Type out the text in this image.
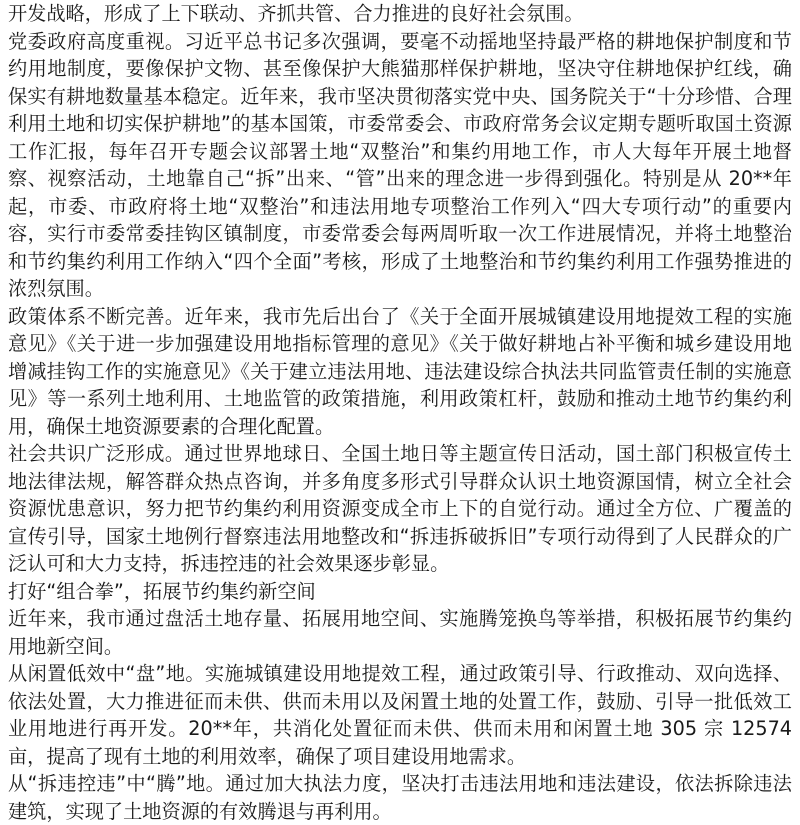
开发战略，形成了上下联动、齐抓共管、合力推进的良好社会氛围。

党委政府高度重视。习近平总书记多次强调，要毫不动摇地坚持最严格的耕地保护制度和节约用地制度，要像保护文物、甚至像保护大熊猫那样保护耕地，坚决守住耕地保护红线，确保实有耕地数量基本稳定。近年来，我市坚决贯彻落实党中央、国务院关于“十分珍惜、合理利用土地和切实保护耕地”的基本国策，市委常委会、市政府常务会议定期专题听取国土资源工作汇报，每年召开专题会议部署土地“双整治”和集约用地工作，市人大每年开展土地督察、视察活动，土地靠自己“拆”出来、“管”出来的理念进一步得到强化。特别是从 20**年起，市委、市政府将土地“双整治”和违法用地专项整治工作列入“四大专项行动”的重要内容，实行市委常委挂钩区镇制度，市委常委会每两周听取一次工作进展情况，并将土地整治和节约集约利用工作纳入“四个全面”考核，形成了土地整治和节约集约利用工作强势推进的浓烈氛围。

政策体系不断完善。近年来，我市先后出台了《关于全面开展城镇建设用地提效工程的实施意见》《关于进一步加强建设用地指标管理的意见》《关于做好耕地占补平衡和城乡建设用地增减挂钩工作的实施意见》《关于建立违法用地、违法建设综合执法共同监管责任制的实施意见》等一系列土地利用、土地监管的政策措施，利用政策杠杆，鼓励和推动土地节约集约利用，确保土地资源要素的合理化配置。

社会共识广泛形成。通过世界地球日、全国土地日等主题宣传日活动，国土部门积极宣传土地法律法规，解答群众热点咨询，并多角度多形式引导群众认识土地资源国情，树立全社会资源忧患意识，努力把节约集约利用资源变成全市上下的自觉行动。通过全方位、广覆盖的宣传引导，国家土地例行督察违法用地整改和“拆违拆破拆旧”专项行动得到了人民群众的广泛认可和大力支持，拆违控违的社会效果逐步彰显。

打好“组合拳”，拓展节约集约新空间

近年来，我市通过盘活土地存量、拓展用地空间、实施腾笼换鸟等举措，积极拓展节约集约用地新空间。

从闲置低效中“盘”地。实施城镇建设用地提效工程，通过政策引导、行政推动、双向选择、依法处置，大力推进征而未供、供而未用以及闲置土地的处置工作，鼓励、引导一批低效工业用地进行再开发。20**年，共消化处置征而未供、供而未用和闲置土地 305 宗 12574 亩，提高了现有土地的利用效率，确保了项目建设用地需求。

从“拆违控违”中“腾”地。通过加大执法力度，坚决打击违法用地和违法建设，依法拆除违法建筑，实现了土地资源的有效腾退与再利用。
